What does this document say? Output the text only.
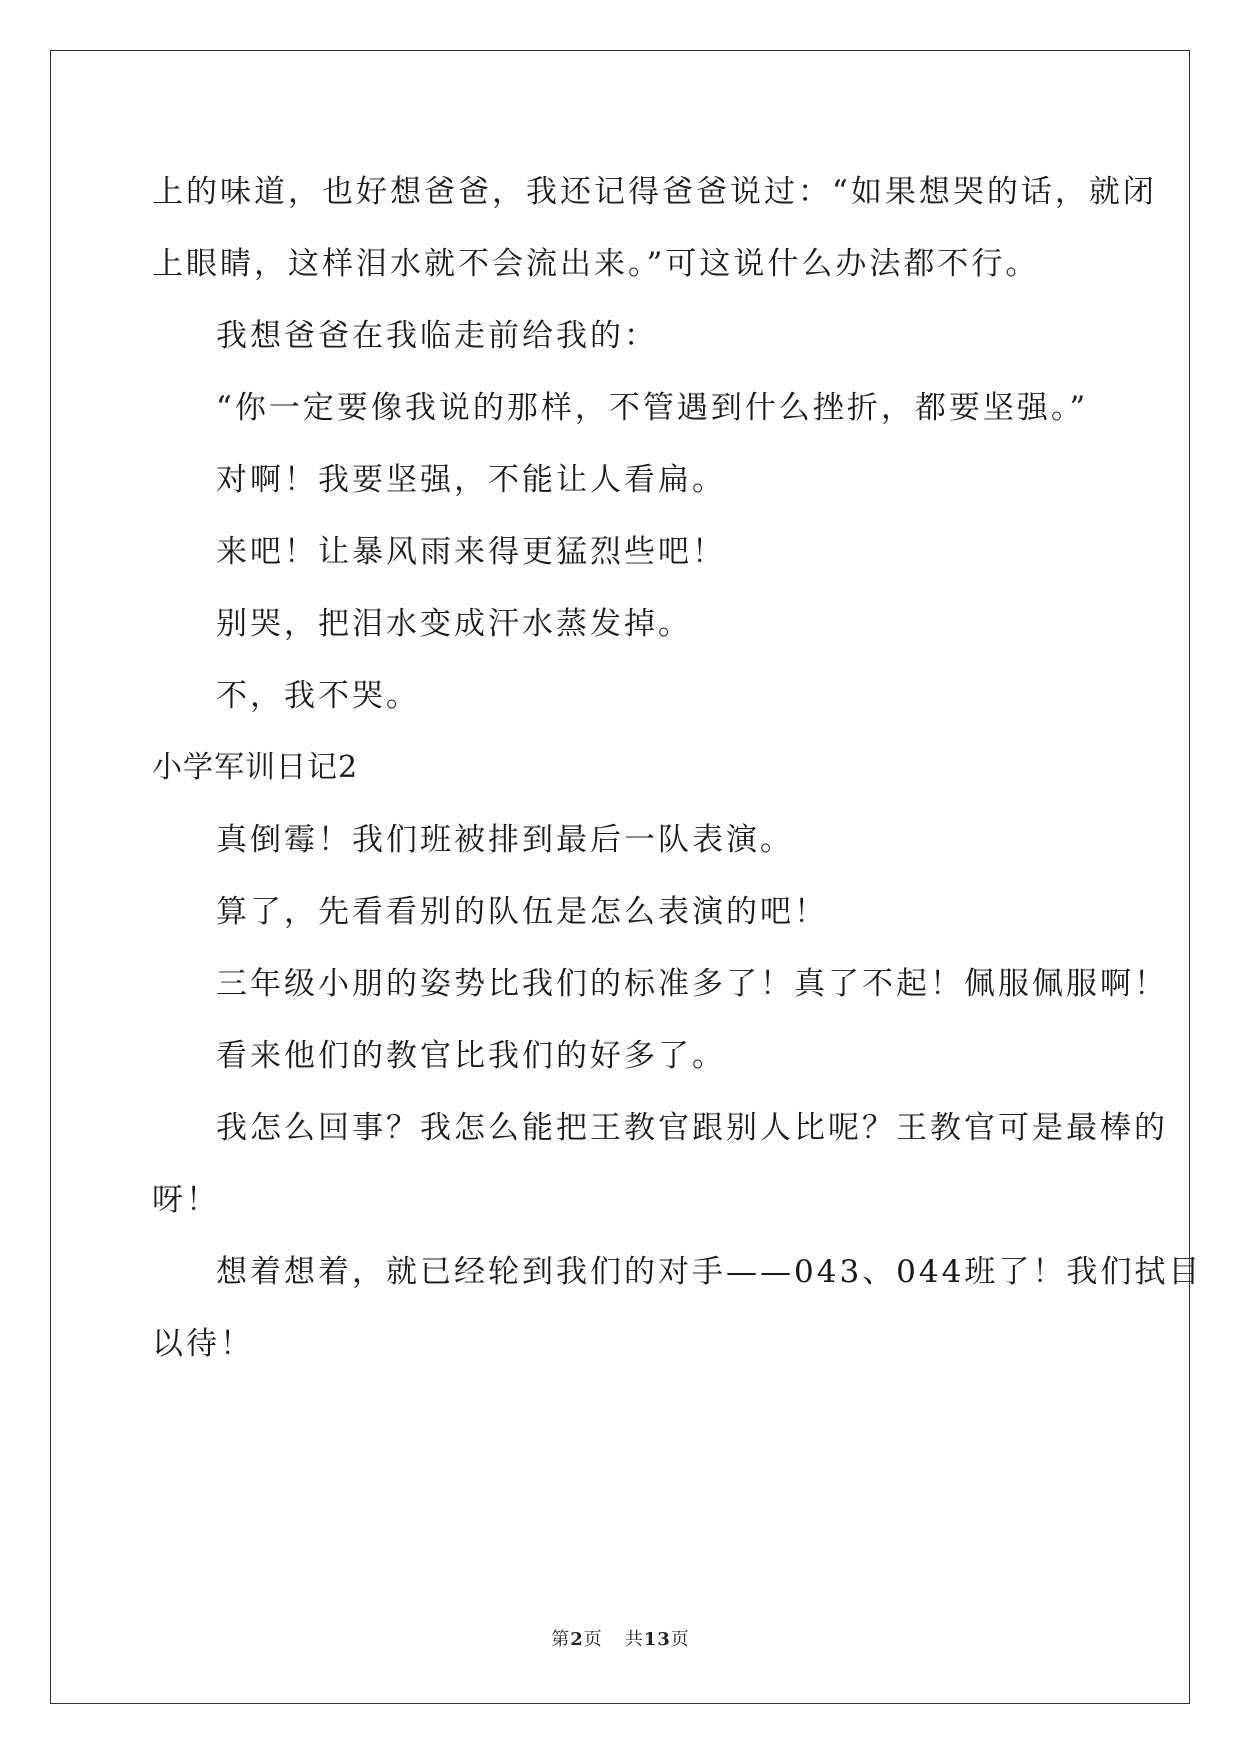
上的味道，也好想爸爸，我还记得爸爸说过：“如果想哭的话，就闭
上眼睛，这样泪水就不会流出来。”可这说什么办法都不行。
我想爸爸在我临走前给我的：
“你一定要像我说的那样，不管遇到什么挫折，都要坚强。”
对啊！我要坚强，不能让人看扁。
来吧！让暴风雨来得更猛烈些吧！
别哭，把泪水变成汗水蒸发掉。
不，我不哭。
小学军训日记2
真倒霉！我们班被排到最后一队表演。
算了，先看看别的队伍是怎么表演的吧！
三年级小朋的姿势比我们的标准多了！真了不起！佩服佩服啊！
看来他们的教官比我们的好多了。
我怎么回事？我怎么能把王教官跟别人比呢？王教官可是最棒的
呀！
想着想着，就已经轮到我们的对手——043、044班了！我们拭目
以待！
第2页 共13页
